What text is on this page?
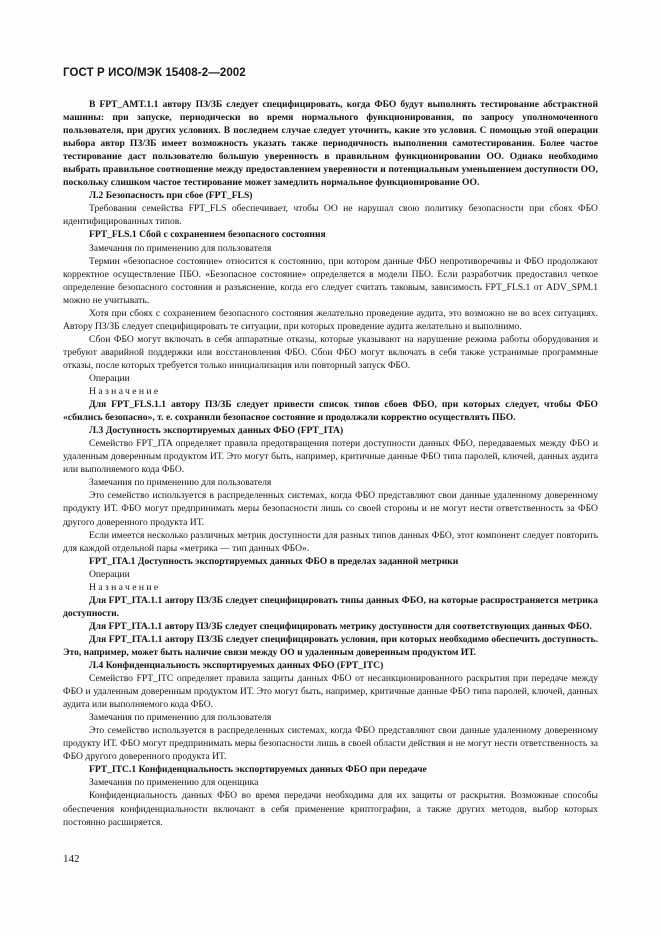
ГОСТ Р ИСО/МЭК 15408-2—2002

В FPT_AMT.1.1 автору ПЗ/ЗБ следует специфицировать, когда ФБО будут выполнять тестирование абстрактной машины: при запуске, периодически во время нормального функционирования, по запросу уполномоченного пользователя, при других условиях. В последнем случае следует уточнить, какие это условия. С помощью этой операции выбора автор ПЗ/ЗБ имеет возможность указать также периодичность выполнения самотестирования. Более частое тестирование даст пользователю большую уверенность в правильном функционировании ОО. Однако необходимо выбрать правильное соотношение между предоставлением уверенности и потенциальным уменьшением доступности ОО, поскольку слишком частое тестирование может замедлить нормальное функционирование ОО.

Л.2 Безопасность при сбое (FPT_FLS)

Требования семейства FPT_FLS обеспечивает, чтобы ОО не нарушал свою политику безопасности при сбоях ФБО идентифицированных типов.

FPT_FLS.1 Сбой с сохранением безопасного состояния

Замечания по применению для пользователя

Термин «безопасное состояние» относится к состоянию, при котором данные ФБО непротиворечивы и ФБО продолжают корректное осуществление ПБО. «Безопасное состояние» определяется в модели ПБО. Если разработчик предоставил четкое определение безопасного состояния и разъяснение, когда его следует считать таковым, зависимость FPT_FLS.1 от ADV_SPM.1 можно не учитывать.

Хотя при сбоях с сохранением безопасного состояния желательно проведение аудита, это возможно не во всех ситуациях. Автору ПЗ/ЗБ следует специфицировать те ситуации, при которых проведение аудита желательно и выполнимо.

Сбои ФБО могут включать в себя аппаратные отказы, которые указывают на нарушение режима работы оборудования и требуют аварийной поддержки или восстановления ФБО. Сбои ФБО могут включать в себя также устранимые программные отказы, после которых требуется только инициализация или повторный запуск ФБО.

Операции

Назначение

Для FPT_FLS.1.1 автору ПЗ/ЗБ следует привести список типов сбоев ФБО, при которых следует, чтобы ФБО «сбились безопасно», т. е. сохранили безопасное состояние и продолжали корректно осуществлять ПБО.

Л.3 Доступность экспортируемых данных ФБО (FPT_ITA)

Семейство FPT_ITA определяет правила предотвращения потери доступности данных ФБО, передаваемых между ФБО и удаленным доверенным продуктом ИТ. Это могут быть, например, критичные данные ФБО типа паролей, ключей, данных аудита или выполняемого кода ФБО.

Замечания по применению для пользователя

Это семейство используется в распределенных системах, когда ФБО представляют свои данные удаленному доверенному продукту ИТ. ФБО могут предпринимать меры безопасности лишь со своей стороны и не могут нести ответственность за ФБО другого доверенного продукта ИТ.

Если имеется несколько различных метрик доступности для разных типов данных ФБО, этот компонент следует повторить для каждой отдельной пары «метрика — тип данных ФБО».

FPT_ITA.1 Доступность экспортируемых данных ФБО в пределах заданной метрики

Операции

Назначение

Для FPT_ITA.1.1 автору ПЗ/ЗБ следует специфицировать типы данных ФБО, на которые распространяется метрика доступности.

Для FPT_ITA.1.1 автору ПЗ/ЗБ следует специфицировать метрику доступности для соответствующих данных ФБО.

Для FPT_ITA.1.1 автору ПЗ/ЗБ следует специфицировать условия, при которых необходимо обеспечить доступность. Это, например, может быть наличие связи между ОО и удаленным доверенным продуктом ИТ.

Л.4 Конфиденциальность экспортируемых данных ФБО (FPT_ITC)

Семейство FPT_ITC определяет правила защиты данных ФБО от несанкционированного раскрытия при передаче между ФБО и удаленным доверенным продуктом ИТ. Это могут быть, например, критичные данные ФБО типа паролей, ключей, данных аудита или выполняемого кода ФБО.

Замечания по применению для пользователя

Это семейство используется в распределенных системах, когда ФБО представляют свои данные удаленному доверенному продукту ИТ. ФБО могут предпринимать меры безопасности лишь в своей области действия и не могут нести ответственность за ФБО другого доверенного продукта ИТ.

FPT_ITC.1 Конфиденциальность экспортируемых данных ФБО при передаче

Замечания по применению для оценщика

Конфиденциальность данных ФБО во время передачи необходима для их защиты от раскрытия. Возможные способы обеспечения конфиденциальности включают в себя применение криптографии, а также других методов, выбор которых постоянно расширяется.

142
